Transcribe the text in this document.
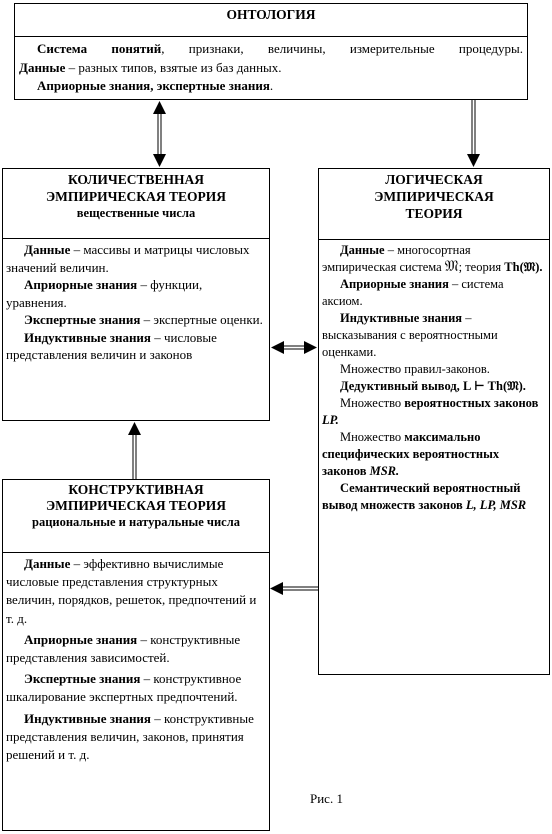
ОНТОЛОГИЯ

Система понятий, признаки, величины, измерительные процедуры.

Данные – разных типов, взятые из баз данных.

Априорные знания, экспертные знания.

КОЛИЧЕСТВЕННАЯ
ЭМПИРИЧЕСКАЯ ТЕОРИЯ

вещественные числа

Данные – массивы и матрицы числовых значений величин.

Априорные знания – функции, уравнения.

Экспертные знания – экспертные оценки.

Индуктивные знания – числовые представления величин и законов

ЛОГИЧЕСКАЯ
ЭМПИРИЧЕСКАЯ
ТЕОРИЯ

Данные – многосортная эмпирическая система 𝔐; теория Th(𝔐).

Априорные знания – система аксиом.

Индуктивные знания – высказывания с вероятностными оценками.

Множество правил-законов.

Дедуктивный вывод, L ⊢ Th(𝔐).

Множество вероятностных законов LP.

Множество максимально специфических вероятностных законов MSR.

Семантический вероятностный вывод множеств законов L, LP, MSR

КОНСТРУКТИВНАЯ
ЭМПИРИЧЕСКАЯ ТЕОРИЯ

рациональные и натуральные числа

Данные – эффективно вычислимые числовые представления структурных величин, порядков, решеток, предпочтений и т. д.

Априорные знания – конструктивные представления зависимостей.

Экспертные знания – конструктивное шкалирование экспертных предпочтений.

Индуктивные знания – конструктивные представления величин, законов, принятия решений и т. д.

Рис. 1
